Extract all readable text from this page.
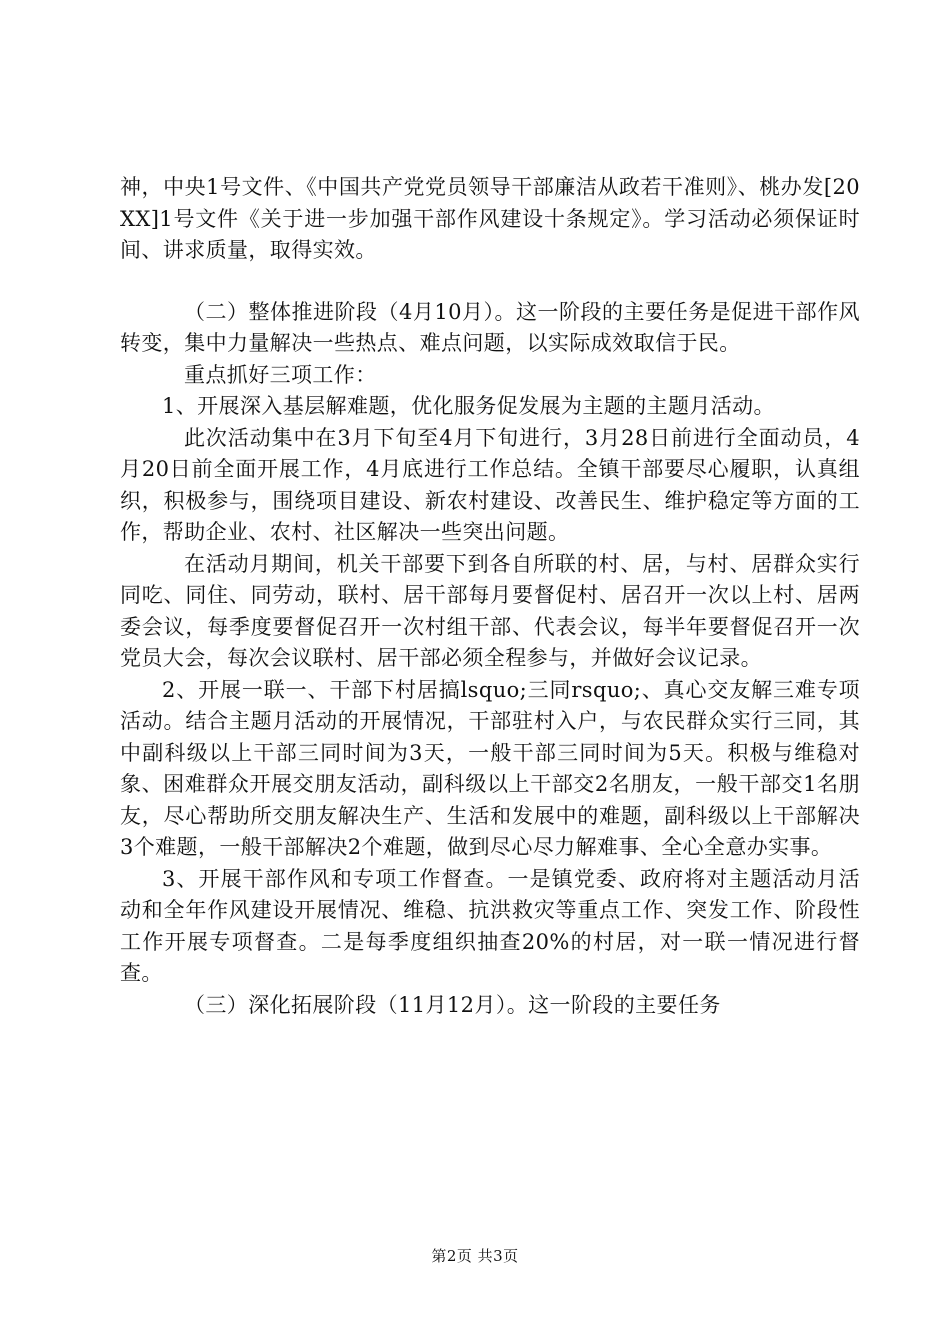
神，中央1号文件、《中国共产党党员领导干部廉洁从政若干准则》、桃办发[20XX]1号文件《关于进一步加强干部作风建设十条规定》。学习活动必须保证时间、讲求质量，取得实效。

（二）整体推进阶段（4月10月）。这一阶段的主要任务是促进干部作风转变，集中力量解决一些热点、难点问题，以实际成效取信于民。

重点抓好三项工作：

1、开展深入基层解难题，优化服务促发展为主题的主题月活动。

此次活动集中在3月下旬至4月下旬进行，3月28日前进行全面动员，4月20日前全面开展工作，4月底进行工作总结。全镇干部要尽心履职，认真组织，积极参与，围绕项目建设、新农村建设、改善民生、维护稳定等方面的工作，帮助企业、农村、社区解决一些突出问题。

在活动月期间，机关干部要下到各自所联的村、居，与村、居群众实行同吃、同住、同劳动，联村、居干部每月要督促村、居召开一次以上村、居两委会议，每季度要督促召开一次村组干部、代表会议，每半年要督促召开一次党员大会，每次会议联村、居干部必须全程参与，并做好会议记录。

2、开展一联一、干部下村居搞lsquo;三同rsquo;、真心交友解三难专项活动。结合主题月活动的开展情况，干部驻村入户，与农民群众实行三同，其中副科级以上干部三同时间为3天，一般干部三同时间为5天。积极与维稳对象、困难群众开展交朋友活动，副科级以上干部交2名朋友，一般干部交1名朋友，尽心帮助所交朋友解决生产、生活和发展中的难题，副科级以上干部解决3个难题，一般干部解决2个难题，做到尽心尽力解难事、全心全意办实事。

3、开展干部作风和专项工作督查。一是镇党委、政府将对主题活动月活动和全年作风建设开展情况、维稳、抗洪救灾等重点工作、突发工作、阶段性工作开展专项督查。二是每季度组织抽查20%的村居，对一联一情况进行督查。

（三）深化拓展阶段（11月12月）。这一阶段的主要任务

第2页 共3页
